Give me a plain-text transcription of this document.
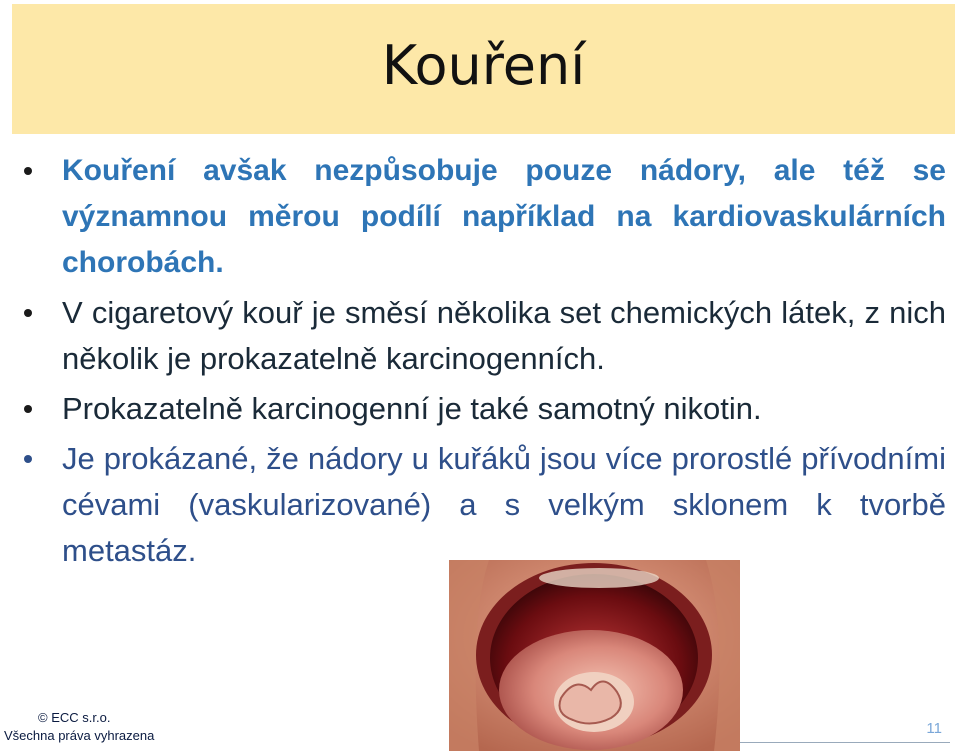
Kouření
Kouření avšak nezpůsobuje pouze nádory, ale též se významnou měrou podílí například na kardiovaskulárních chorobách.
V cigaretový kouř je směsí několika set chemických látek, z nich několik je prokazatelně karcinogenních.
Prokazatelně karcinogenní je také samotný nikotin.
Je prokázané, že nádory u kuřáků jsou více prorostlé přívodními cévami (vaskularizované) a s velkým sklonem k tvorbě metastáz.
© ECC s.r.o.
Všechna práva vyhrazena	11
